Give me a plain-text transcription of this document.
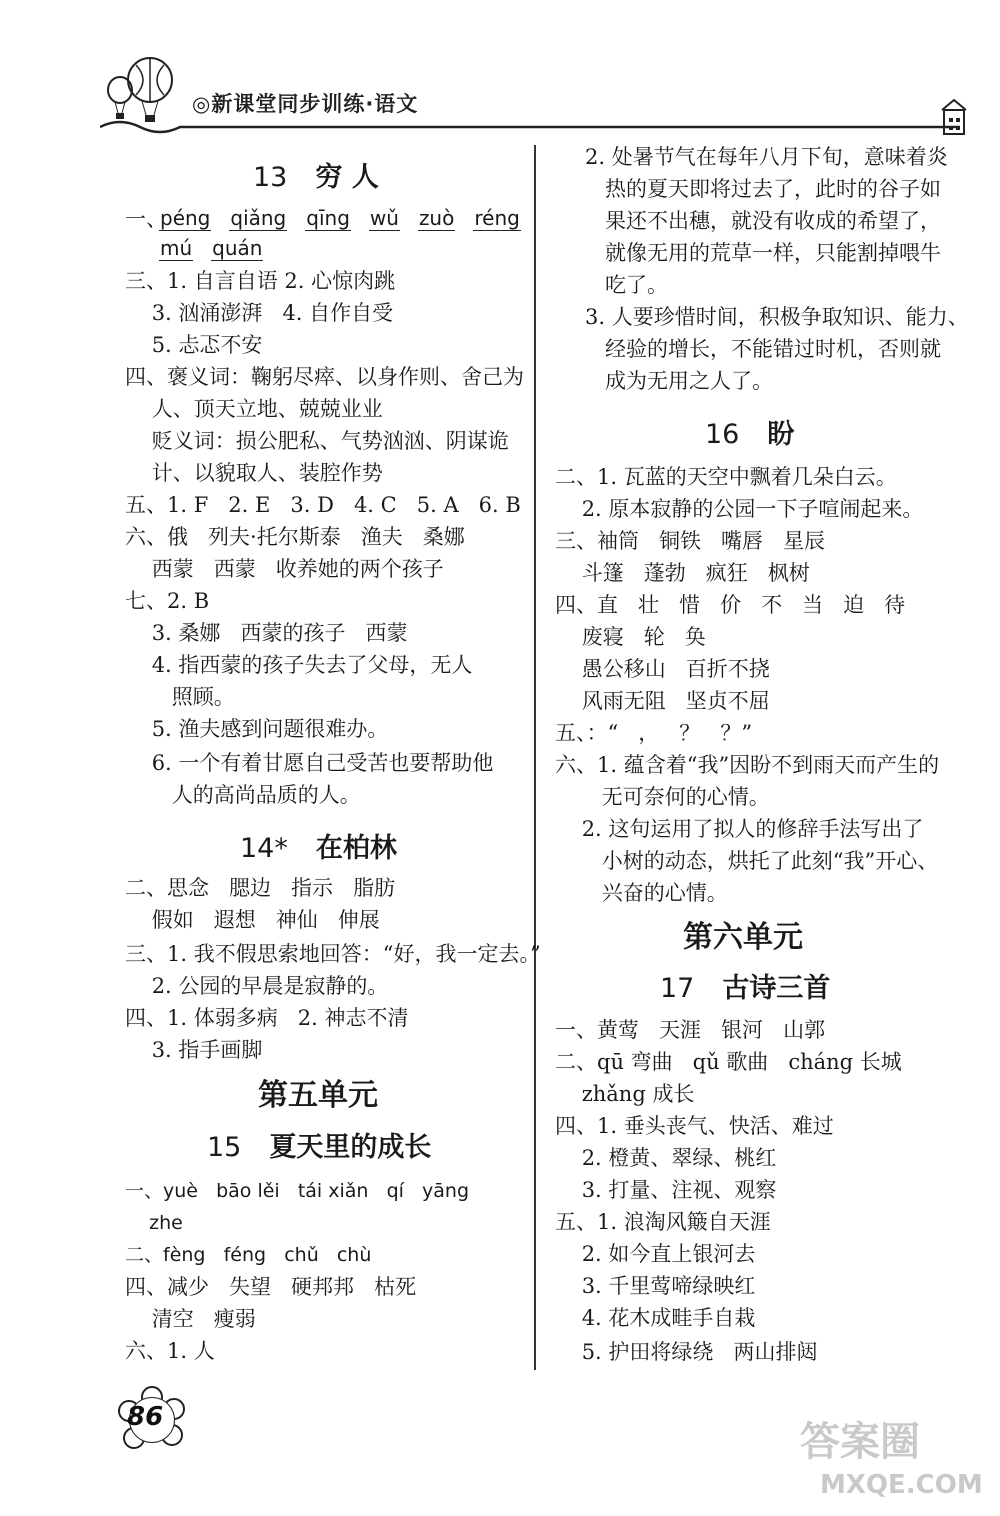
◎新课堂同步训练·语文
13 穷 人
一、
péng qiǎng qīng wǔ zuò réng
mú quán
三、1. 自言自语 2. 心惊肉跳
3. 汹涌澎湃   4. 自作自受
5. 忐忑不安
四、褒义词：鞠躬尽瘁、以身作则、舍己为
人、顶天立地、兢兢业业
贬义词：损公肥私、气势汹汹、阴谋诡
计、以貌取人、装腔作势
五、1. F   2. E   3. D   4. C   5. A   6. B
六、俄   列夫·托尔斯泰   渔夫   桑娜
西蒙   西蒙   收养她的两个孩子
七、2. B
3. 桑娜   西蒙的孩子   西蒙
4. 指西蒙的孩子失去了父母，无人
照顾。
5. 渔夫感到问题很难办。
6. 一个有着甘愿自己受苦也要帮助他
人的高尚品质的人。
14* 在柏林
二、思念   腮边   指示   脂肪
假如   遐想   神仙   伸展
三、1. 我不假思索地回答：“好，我一定去。”
2. 公园的早晨是寂静的。
四、1. 体弱多病   2. 神志不清
3. 指手画脚
第五单元
15 夏天里的成长
一、yuè   bāo lěi   tái xiǎn   qí   yāng
zhe
二、fèng   féng   chǔ   chù
四、减少   失望   硬邦邦   枯死
清空   瘦弱
六、1. 人
2. 处暑节气在每年八月下旬，意味着炎
热的夏天即将过去了，此时的谷子如
果还不出穗，就没有收成的希望了，
就像无用的荒草一样，只能割掉喂牛
吃了。
3. 人要珍惜时间，积极争取知识、能力、
经验的增长，不能错过时机，否则就
成为无用之人了。
16 盼
二、1. 瓦蓝的天空中飘着几朵白云。
2. 原本寂静的公园一下子喧闹起来。
三、袖筒   铜铁   嘴唇   星辰
斗篷   蓬勃   疯狂   枫树
四、直   壮   惜   价   不   当   迫   待
废寝   轮   奂
愚公移山   百折不挠
风雨无阻   坚贞不屈
五、：“   ，   ？   ？”
六、1. 蕴含着“我”因盼不到雨天而产生的
无可奈何的心情。
2. 这句运用了拟人的修辞手法写出了
小树的动态，烘托了此刻“我”开心、
兴奋的心情。
第六单元
17 古诗三首
一、黄莺   天涯   银河   山郭
二、qū 弯曲   qǔ 歌曲   cháng 长城
zhǎng 成长
四、1. 垂头丧气、快活、难过
2. 橙黄、翠绿、桃红
3. 打量、注视、观察
五、1. 浪淘风簸自天涯
2. 如今直上银河去
3. 千里莺啼绿映红
4. 花木成畦手自栽
5. 护田将绿绕   两山排闼
86
答案圈
MXQE.COM
